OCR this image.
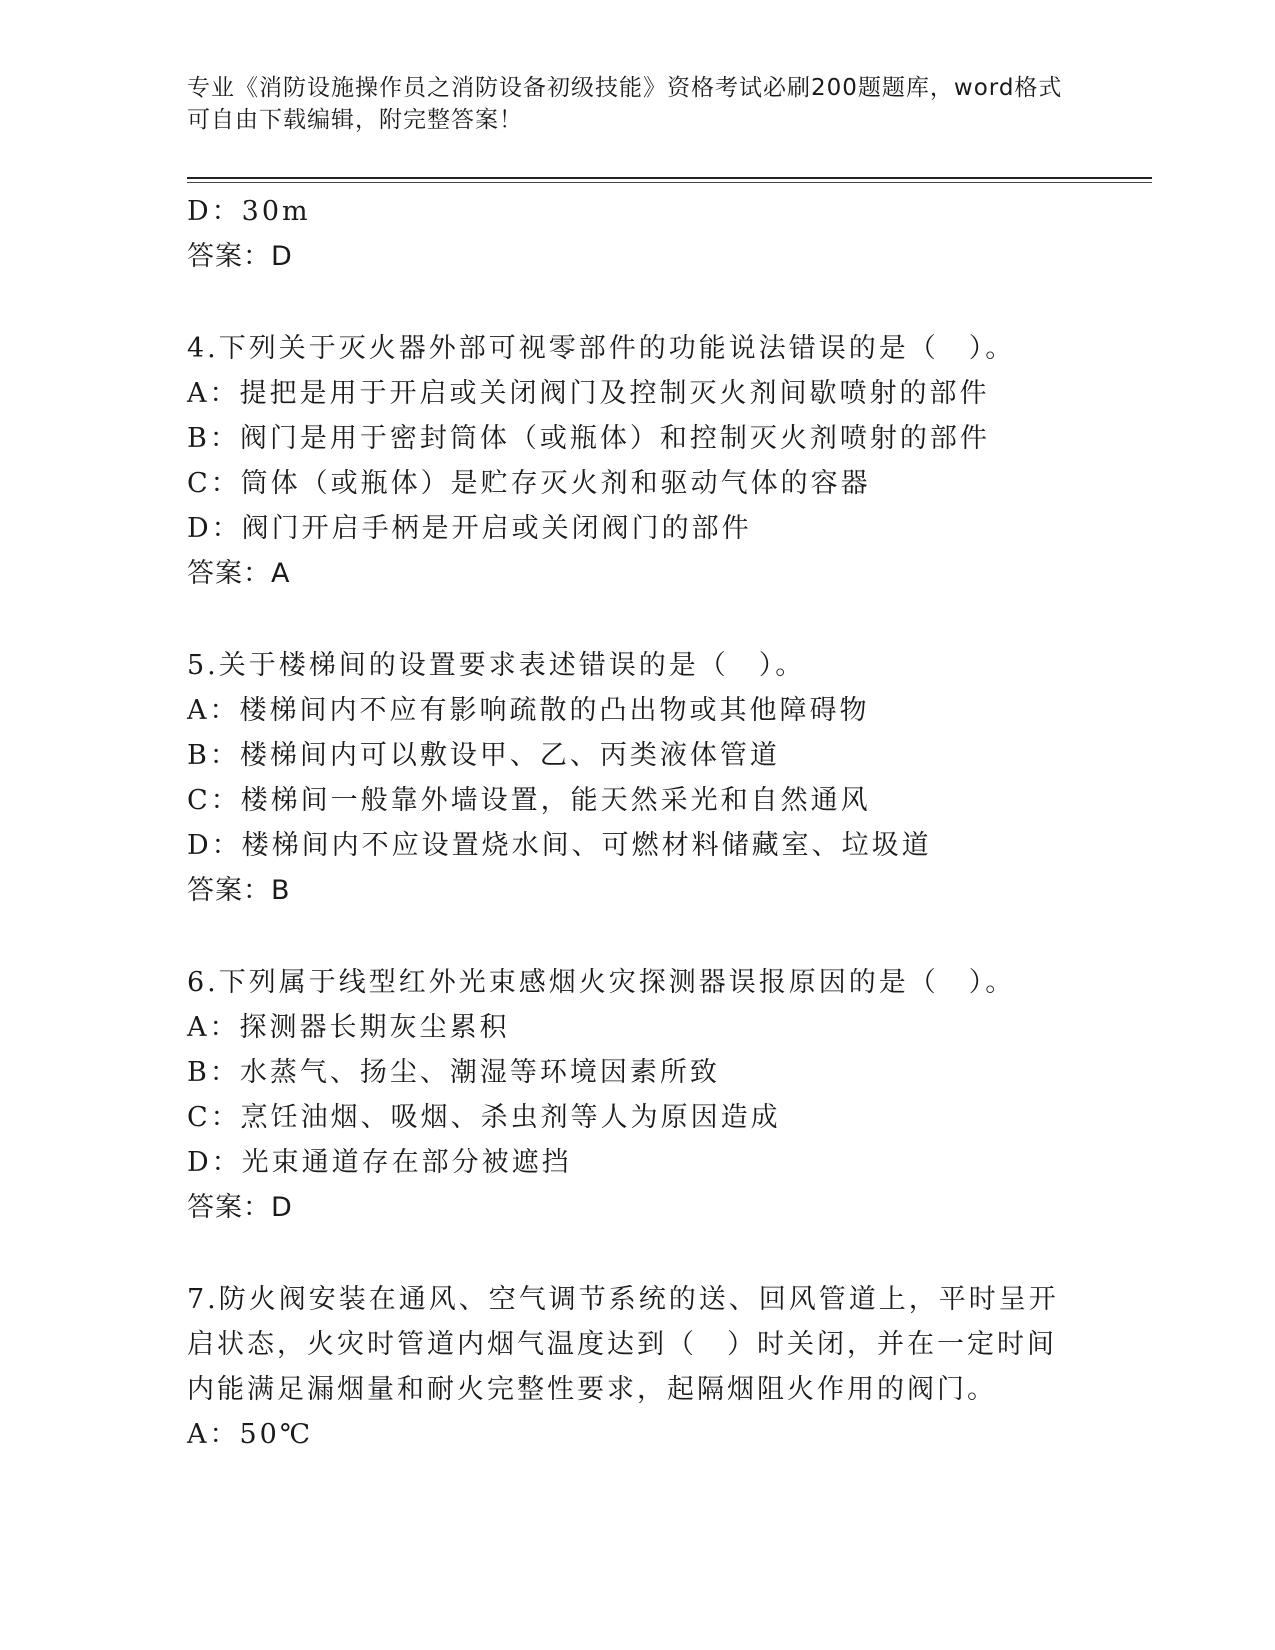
专业《消防设施操作员之消防设备初级技能》资格考试必刷200题题库，word格式可自由下载编辑，附完整答案！
D：30m
答案：D
4.下列关于灭火器外部可视零部件的功能说法错误的是（　）。
A：提把是用于开启或关闭阀门及控制灭火剂间歇喷射的部件
B：阀门是用于密封筒体（或瓶体）和控制灭火剂喷射的部件
C：筒体（或瓶体）是贮存灭火剂和驱动气体的容器
D：阀门开启手柄是开启或关闭阀门的部件
答案：A
5.关于楼梯间的设置要求表述错误的是（　）。
A：楼梯间内不应有影响疏散的凸出物或其他障碍物
B：楼梯间内可以敷设甲、乙、丙类液体管道
C：楼梯间一般靠外墙设置，能天然采光和自然通风
D：楼梯间内不应设置烧水间、可燃材料储藏室、垃圾道
答案：B
6.下列属于线型红外光束感烟火灾探测器误报原因的是（　）。
A：探测器长期灰尘累积
B：水蒸气、扬尘、潮湿等环境因素所致
C：烹饪油烟、吸烟、杀虫剂等人为原因造成
D：光束通道存在部分被遮挡
答案：D
7.防火阀安装在通风、空气调节系统的送、回风管道上，平时呈开启状态，火灾时管道内烟气温度达到（　）时关闭，并在一定时间内能满足漏烟量和耐火完整性要求，起隔烟阻火作用的阀门。
A：50℃
